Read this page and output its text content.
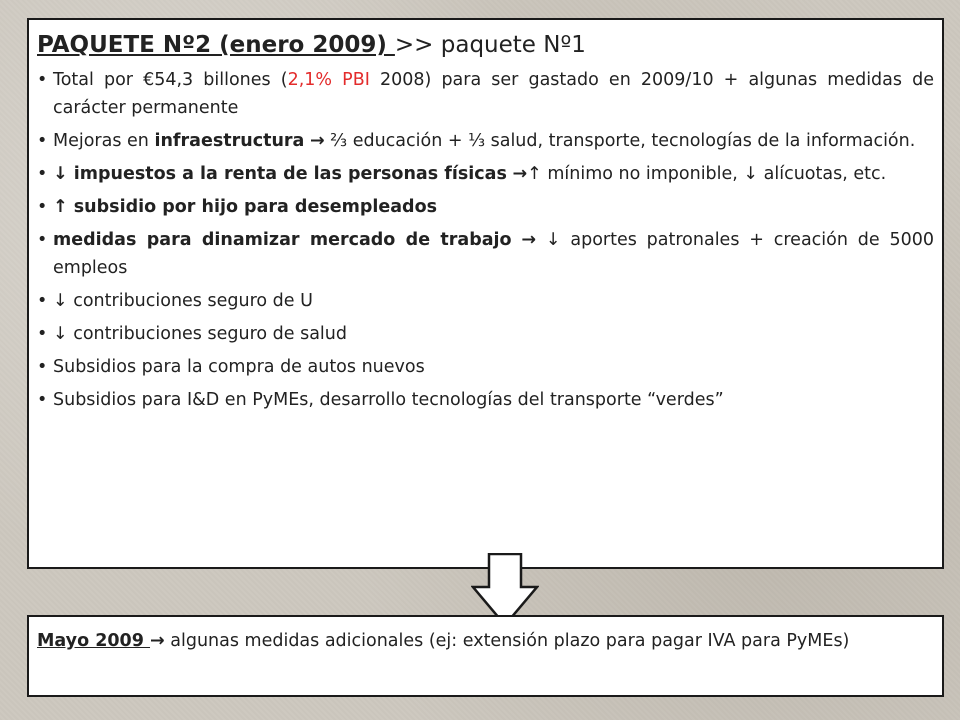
PAQUETE Nº2 (enero 2009) >> paquete Nº1
• Total por €54,3 billones (2,1% PBI 2008) para ser gastado en 2009/10 + algunas medidas de carácter permanente
• Mejoras en infraestructura → ⅔ educación + ⅓ salud, transporte, tecnologías de la información.
• ↓ impuestos a la renta de las personas físicas →↑ mínimo no imponible, ↓ alícuotas, etc.
• ↑ subsidio por hijo para desempleados
• medidas para dinamizar mercado de trabajo → ↓ aportes patronales + creación de 5000 empleos
• ↓ contribuciones seguro de U
• ↓ contribuciones seguro de salud
• Subsidios para la compra de autos nuevos
• Subsidios para I&D en PyMEs, desarrollo tecnologías del transporte “verdes”
Mayo 2009 → algunas medidas adicionales (ej: extensión plazo para pagar IVA para PyMEs)
